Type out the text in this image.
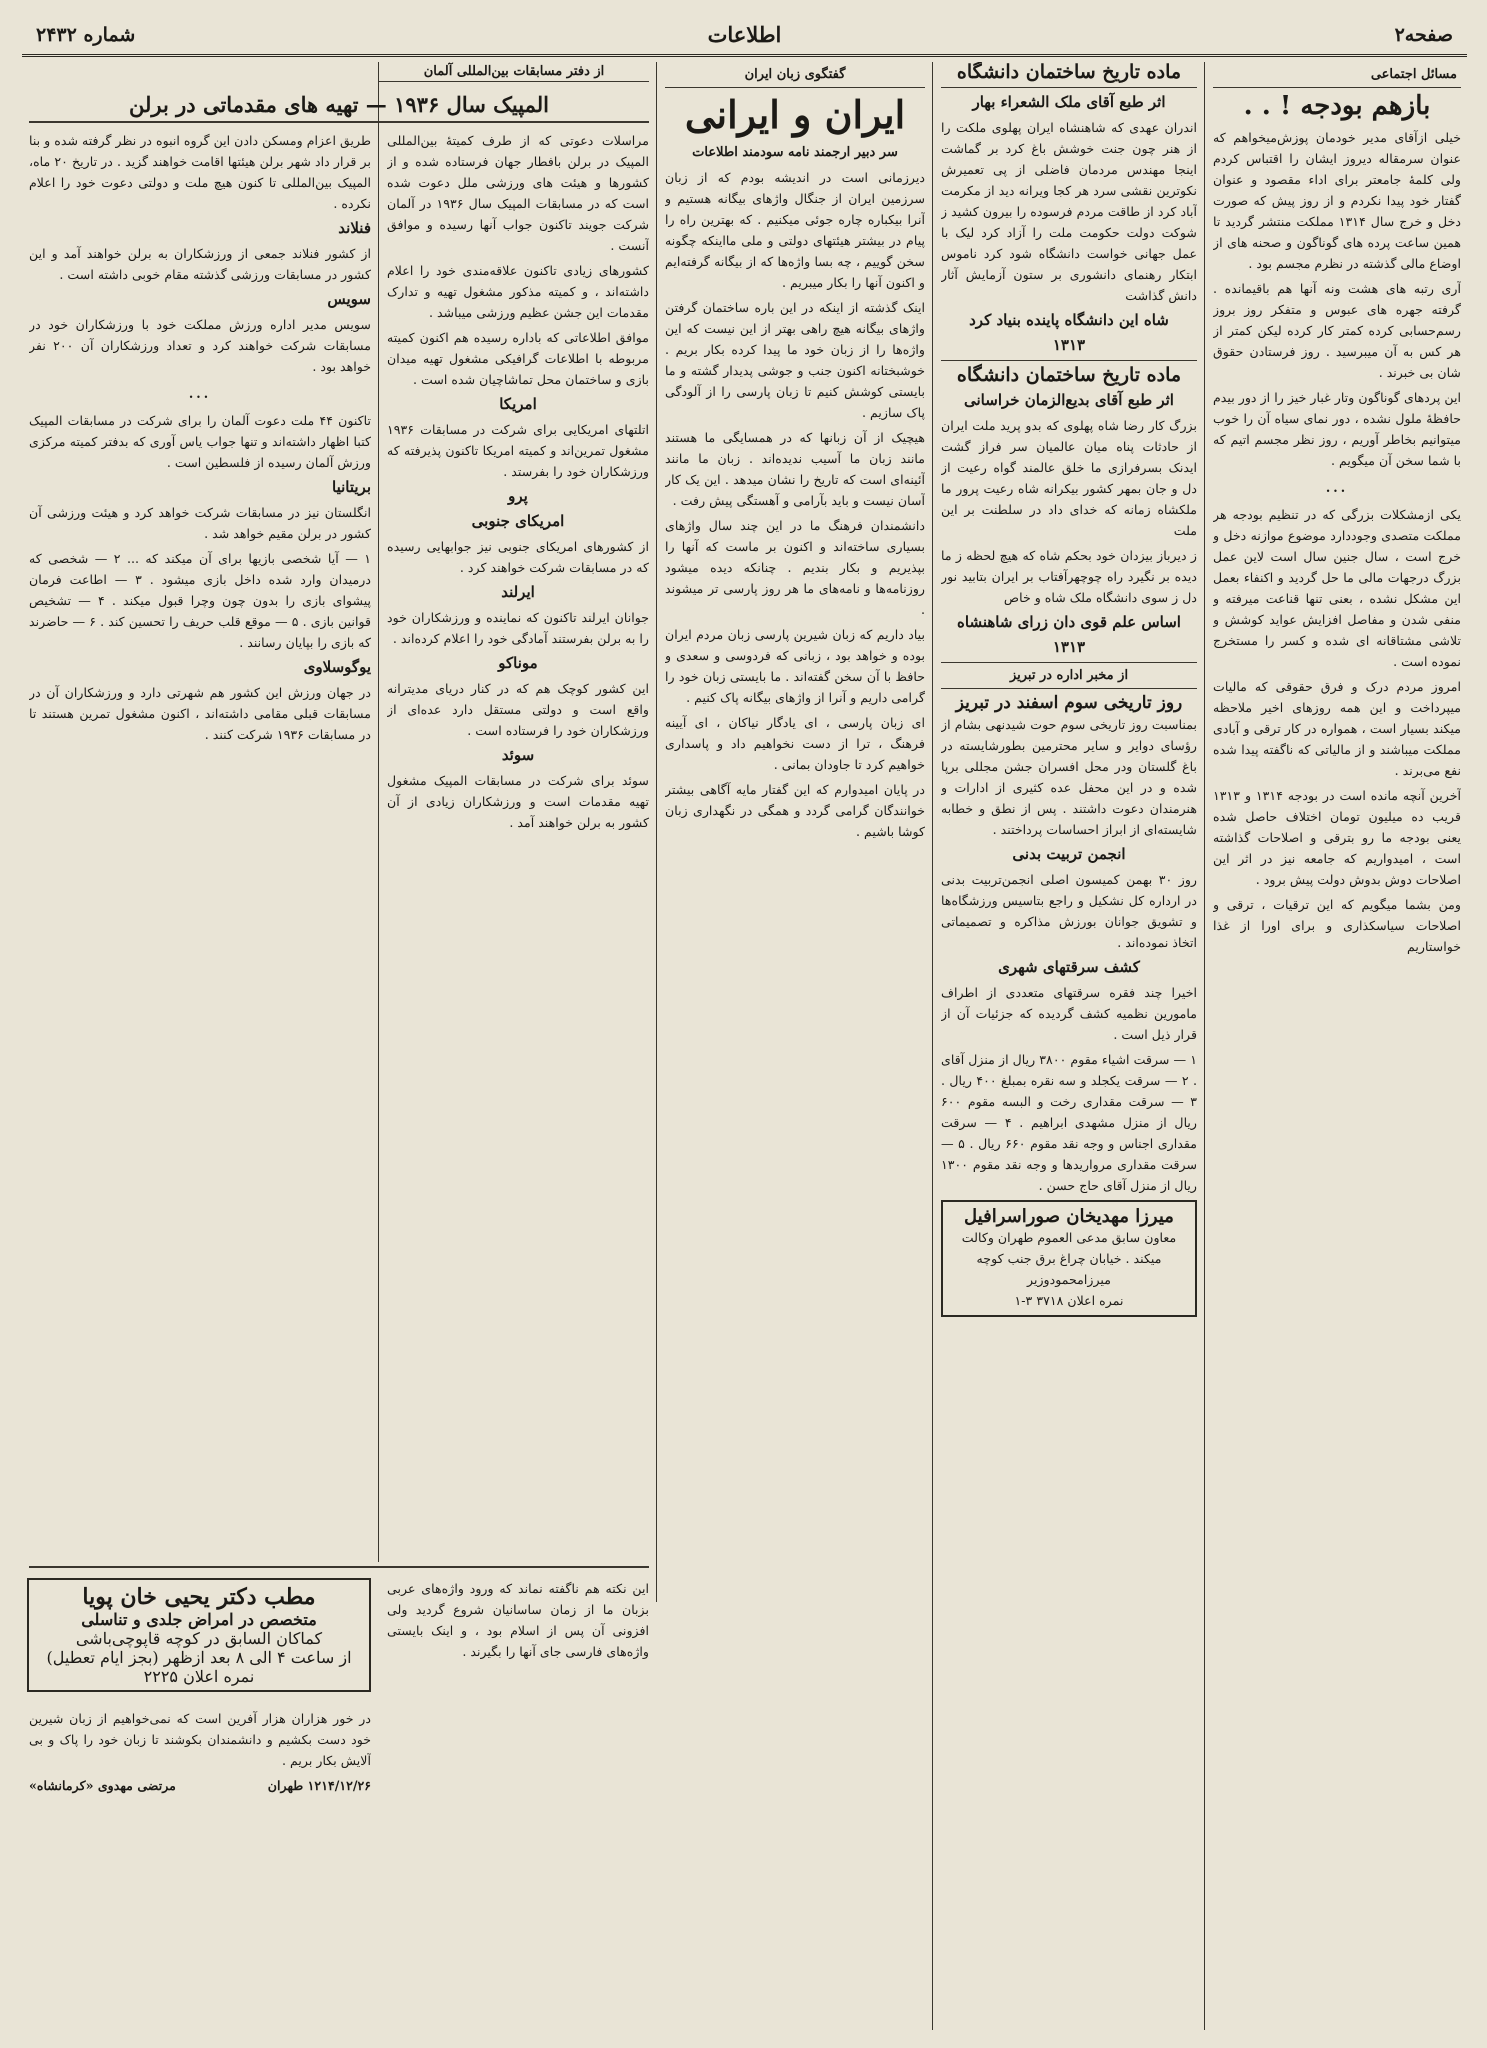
صفحه۲
اطلاعات
شماره ۲۴۳۲
مسائل اجتماعی
بازهم بودجه ! . .

خیلی ازآقای مدیر خودمان پوزش‌میخواهم که عنوان سرمقاله دیروز ایشان را اقتباس کردم ولی کلمهٔ جامعتر برای اداء مقصود و عنوان گفتار خود پیدا نکردم و از روز پیش که صورت دخل و خرج سال ۱۳۱۴ مملکت منتشر گردید تا همین ساعت پرده های گوناگون و صحنه های از اوضاع مالی گذشته در نظرم مجسم بود .

آری رتبه های هشت ونه آنها هم باقیمانده . گرفته جهره های عبوس و متفکر روز بروز رسم‌حسابی کرده کمتر کار کرده لیکن کمتر از هر کس به آن میبرسید . روز فرستادن حقوق شان بی خبرند .

این پردهای گوناگون وتار غبار خیز را از دور بیدم حافظهٔ ملول نشده ، دور نمای سیاه آن را خوب میتوانیم بخاطر آوریم ، روز نظر مجسم اتیم که با شما سخن آن میگویم .

...

یکی ازمشکلات بزرگی که در تنظیم بودجه هر مملکت متصدی وجوددارد موضوع موازنه دخل و خرج است ، سال جنین سال است لاین عمل بزرگ درجهات مالی ما حل گردید و اکنفاء بعمل این مشکل نشده ، بعنی تنها قناعت میرفته و منفی شدن و مفاصل افزایش عواید کوشش و تلاشی مشتاقانه ای شده و کسر را مستخرج نموده است .

امروز مردم درک و فرق حقوقی که مالیات میپرداخت و این همه روزهای اخیر ملاحظه میکند بسیار است ، همواره در کار ترقی و آبادی مملکت میباشند و از مالیاتی که ناگفته پیدا شده نفع می‌برند .

آخرین آنچه مانده است در بودجه ۱۳۱۴ و ۱۳۱۳ قریب ده میلیون تومان اختلاف حاصل شده یعنی بودجه ما رو بترقی و اصلاحات گذاشته است ، امیدواریم که جامعه نیز در اثر این اصلاحات دوش بدوش دولت پیش برود .

ومن بشما میگویم که این ترقیات ، ترقی و اصلاحات سیاسکذاری و برای اورا از غذا خواستاریم

ماده تاریخ ساختمان دانشگاه
اثر طبع آقای ملک الشعراء بهار

اندران عهدی که شاهنشاه ایران پهلوی ملکت را از هنر چون جنت خوشش باغ کرد بر گماشت اینجا مهندس مردمان فاضلی از پی تعمیرش نکوترین نقشی سرد هر کجا ویرانه دید از مکرمت آباد کرد از طاقت مردم فرسوده را بیرون کشید ز شوکت دولت حکومت ملت را آزاد کرد لیک با عمل جهانی خواست دانشگاه شود کرد ناموس ابتکار رهنمای دانشوری بر ستون آزمایش آثار دانش گذاشت

شاه این دانشگاه پاینده‌ بنیاد کرد
۱۳۱۳
ماده تاریخ ساختمان دانشگاه
اثر طبع آقای بدیع‌الزمان خراسانی

بزرگ کار رضا شاه پهلوی که بدو پرید ملت ایران از حادثات پناه میان عالمیان سر فراز گشت ایدنک بسرفرازی ما خلق عالمند گواه رعیت از دل و جان بمهر کشور بیکرانه شاه رعیت پرور ما ملکشاه زمانه که خدای داد در سلطنت بر این ملت

ز دیرباز بیزدان خود بحکم شاه که هیچ لحظه ز ما دیده بر نگیرد راه چوچهرآفتاب بر ایران بتابید نور دل ز سوی دانشگاه ملک شاه و خاص

اساس علم قوی دان زرای شاهنشاه
۱۳۱۳
از مخبر اداره در تبریز
روز تاریخی سوم اسفند در تبریز

بمناسبت روز تاریخی سوم حوت شیدنهی بشام از رؤسای دوایر و سایر محترمین بطورشایسته در باغ گلستان ودر محل افسران جشن مجللی برپا شده و در این محفل عده کثیری از ادارات و هنرمندان دعوت داشتند . پس از نطق و خطابه شایسته‌ای از ابراز احساسات پرداختند .

انجمن تربیت بدنی

روز ۳۰ بهمن کمیسون اصلی انجمن‌تربیت بدنی در ارداره کل نشکیل و راجع بتاسیس ورزشگاه‌ها و تشویق جوانان بورزش مذاکره و تصمیماتی اتخاذ نموده‌اند .

کشف سرقتهای شهری

اخیرا چند فقره سرقتهای متعددی از اطراف مامورین نظمیه کشف گردیده که جزئیات آن از قرار ذیل است .

۱ — سرقت اشیاء مقوم ۳۸۰۰ ریال از منزل آقای . ۲ — سرقت یکجلد و سه نقره بمبلغ ۴۰۰ ریال . ۳ — سرقت مقداری رخت و البسه مقوم ۶۰۰ ریال از منزل مشهدی ابراهیم . ۴ — سرقت مقداری اجناس و وجه نقد مقوم ۶۶۰ ریال . ۵ — سرقت مقداری مرواریدها و وجه نقد مقوم ۱۳۰۰ ریال از منزل آقای حاج حسن .

میرزا مهدیخان صوراسرافیل
معاون سابق مدعی العموم طهران وکالت میکند . خیابان چراغ برق جنب کوچه میرزامحمودوزیر
نمره اعلان ۳۷۱۸ ۳-۱
گفتگوی زبان ایران
ایران و ایرانی
سر دبیر ارجمند نامه سودمند اطلاعات

دیرزمانی است در اندیشه بودم که از زبان سرزمین ایران از جنگال واژهای بیگانه هستیم و آنرا بیکباره چاره جوئی میکنیم . که بهترین راه را پیام در بیشتر هیئتهای دولتی و ملی مااینکه چگونه سخن گوییم ، چه بسا واژه‌ها که از بیگانه گرفته‌ایم و اکنون آنها را بکار میبریم .

اینک گذشته از اینکه در این باره ساختمان گرفتن واژهای بیگانه هیچ راهی بهتر از این نیست که این واژه‌ها را از زبان خود ما پیدا کرده بکار بریم . خوشبختانه اکنون جنب و جوشی پدیدار گشته و ما بایستی کوشش کنیم تا زبان پارسی را از آلودگی پاک سازیم .

هیچیک از آن زبانها که در همسایگی ما هستند مانند زبان ما آسیب ندیده‌اند . زبان ما مانند آئینه‌ای است که تاریخ را نشان میدهد . این یک کار آسان نیست و باید بآرامی و آهستگی پیش رفت .

دانشمندان فرهنگ ما در این چند سال واژهای بسیاری ساخته‌اند و اکنون بر ماست که آنها را بپذیریم و بکار بندیم . چنانکه دیده میشود روزنامه‌ها و نامه‌های ما هر روز پارسی تر میشوند .

بیاد داریم که زبان شیرین پارسی زبان مردم ایران بوده و خواهد بود ، زبانی که فردوسی و سعدی و حافظ با آن سخن گفته‌اند . ما بایستی زبان خود را گرامی داریم و آنرا از واژهای بیگانه پاک کنیم .

ای زبان پارسی ، ای یادگار نیاکان ، ای آیینه فرهنگ ، ترا از دست نخواهیم داد و پاسداری خواهیم کرد تا جاودان بمانی .

در پایان امیدوارم که این گفتار مایه آگاهی بیشتر خوانندگان گرامی گردد و همگی در نگهداری زبان کوشا باشیم .

از دفتر مسابقات بین‌المللی آلمان
المپیک سال ۱۹۳۶ — تهیه های مقدماتی در برلن

مراسلات دعوتی که از طرف کمیتهٔ بین‌المللی المپیک در برلن بافطار جهان فرستاده شده و از کشورها و هیئت های ورزشی ملل دعوت شده است که در مسابقات المپیک سال ۱۹۳۶ در آلمان شرکت جویند تاکنون جواب آنها رسیده و موافق آنست .

کشورهای زیادی تاکنون علاقه‌مندی خود را اعلام داشته‌اند ، و کمیته مذکور مشغول تهیه و تدارک مقدمات این جشن عظیم ورزشی میباشد .

موافق اطلاعاتی که باداره رسیده هم اکنون کمیته مربوطه با اطلاعات گرافیکی مشغول تهیه میدان بازی و ساختمان محل تماشاچیان شده است .

امریکا

اتلتهای امریکایی برای شرکت در مسابقات ۱۹۳۶ مشغول تمرین‌اند و کمیته امریکا تاکنون پذیرفته که ورزشکاران خود را بفرستد .

پرو
امریکای جنوبی

از کشورهای امریکای جنوبی نیز جوابهایی رسیده که در مسابقات شرکت خواهند کرد .

ایرلند

جوانان ایرلند تاکنون که نماینده و ورزشکاران خود را به برلن بفرستند آمادگی خود را اعلام کرده‌اند .

موناکو

این کشور کوچک هم که در کنار دریای مدیترانه واقع است و دولتی مستقل دارد عده‌ای از ورزشکاران خود را فرستاده است .

سوئد

سوئد برای شرکت در مسابقات المپیک مشغول تهیه مقدمات است و ورزشکاران زیادی از آن کشور به برلن خواهند آمد .

طریق اعزام ومسکن دادن این گروه انبوه در نظر گرفته شده و بنا بر قرار داد شهر برلن هیئتها اقامت خواهند گزید . در تاریخ ۲۰ ماه، المپیک بین‌المللی تا کنون هیچ ملت و دولتی دعوت خود را اعلام نکرده .

فنلاند

از کشور فنلاند جمعی از ورزشکاران به برلن خواهند آمد و این کشور در مسابقات ورزشی گذشته مقام خوبی داشته است .

سویس

سویس مدیر اداره ورزش مملکت خود با ورزشکاران خود در مسابقات شرکت خواهند کرد و تعداد ورزشکاران آن ۲۰۰ نفر خواهد بود .

...

تاکنون ۴۴ ملت دعوت آلمان را برای شرکت در مسابقات المپیک کتبا اظهار داشته‌اند و تنها جواب یاس آوری که بدفتر کمیته مرکزی ورزش آلمان رسیده از فلسطین است .

بریتانیا

انگلستان نیز در مسابقات شرکت خواهد کرد و هیئت ورزشی آن کشور در برلن مقیم خواهد شد .

۱ — آیا شخصی بازیها برای آن میکند که ... ۲ — شخصی که درمیدان وارد شده داخل بازی میشود . ۳ — اطاعت فرمان پیشوای بازی را بدون چون وچرا قبول میکند . ۴ — تشخیص قوانین بازی . ۵ — موقع قلب حریف را تحسین کند . ۶ — حاضرند که بازی را بپایان رسانند .

یوگوسلاوی

در جهان ورزش این کشور هم شهرتی دارد و ورزشکاران آن در مسابقات قبلی مقامی داشته‌اند ، اکنون مشغول تمرین هستند تا در مسابقات ۱۹۳۶ شرکت کنند .

مطب دکتر یحیی خان پویا
متخصص در امراض جلدی و تناسلی
کماکان السابق در کوچه قاپوچی‌باشی
از ساعت ۴ الی ۸ بعد ازظهر (بجز ایام تعطیل)
نمره اعلان ۲۲۲۵

این نکته هم ناگفته نماند که ورود واژه‌های عربی بزبان ما از زمان ساسانیان شروع گردید ولی افزونی آن پس از اسلام بود ، و اینک بایستی واژه‌های فارسی جای آنها را بگیرند .

در خور هزاران هزار آفرین است که نمی‌خواهیم از زبان شیرین خود دست بکشیم و دانشمندان بکوشند تا زبان خود را پاک و بی آلایش بکار بریم .

۱۲۱۴/۱۲/۲۶ طهران
مرتضی مهدوی «کرمانشاه»
